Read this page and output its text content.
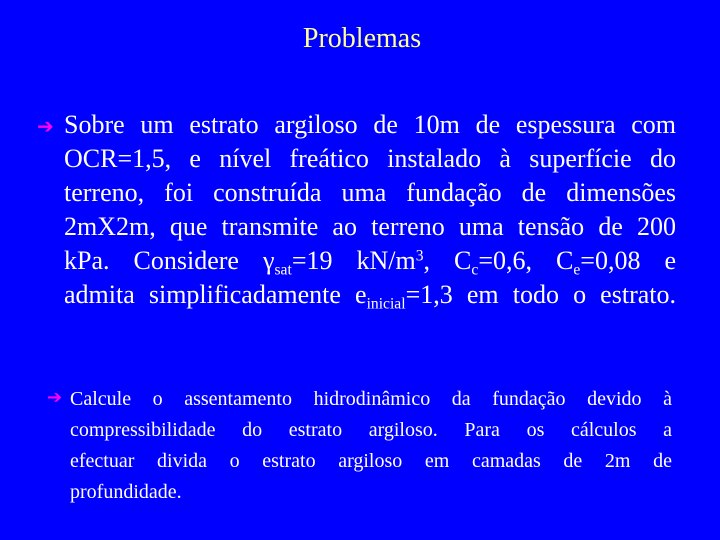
Problemas
➔ Sobre um estrato argiloso de 10m de espessura com
OCR=1,5, e nível freático instalado à superfície do
terreno, foi construída uma fundação de dimensões
2mX2m, que transmite ao terreno uma tensão de 200
kPa. Considere $\gamma_{sat}=19$ $kN/m^3$, $C_c=0,6$, $C_e=0,08$ e
admita simplificadamente $e_{inicial}=1,3$ em todo o estrato.
➔ Calcule o assentamento hidrodinâmico da fundação devido à
compressibilidade do estrato argiloso. Para os cálculos a
efectuar divida o estrato argiloso em camadas de 2m de
profundidade.
